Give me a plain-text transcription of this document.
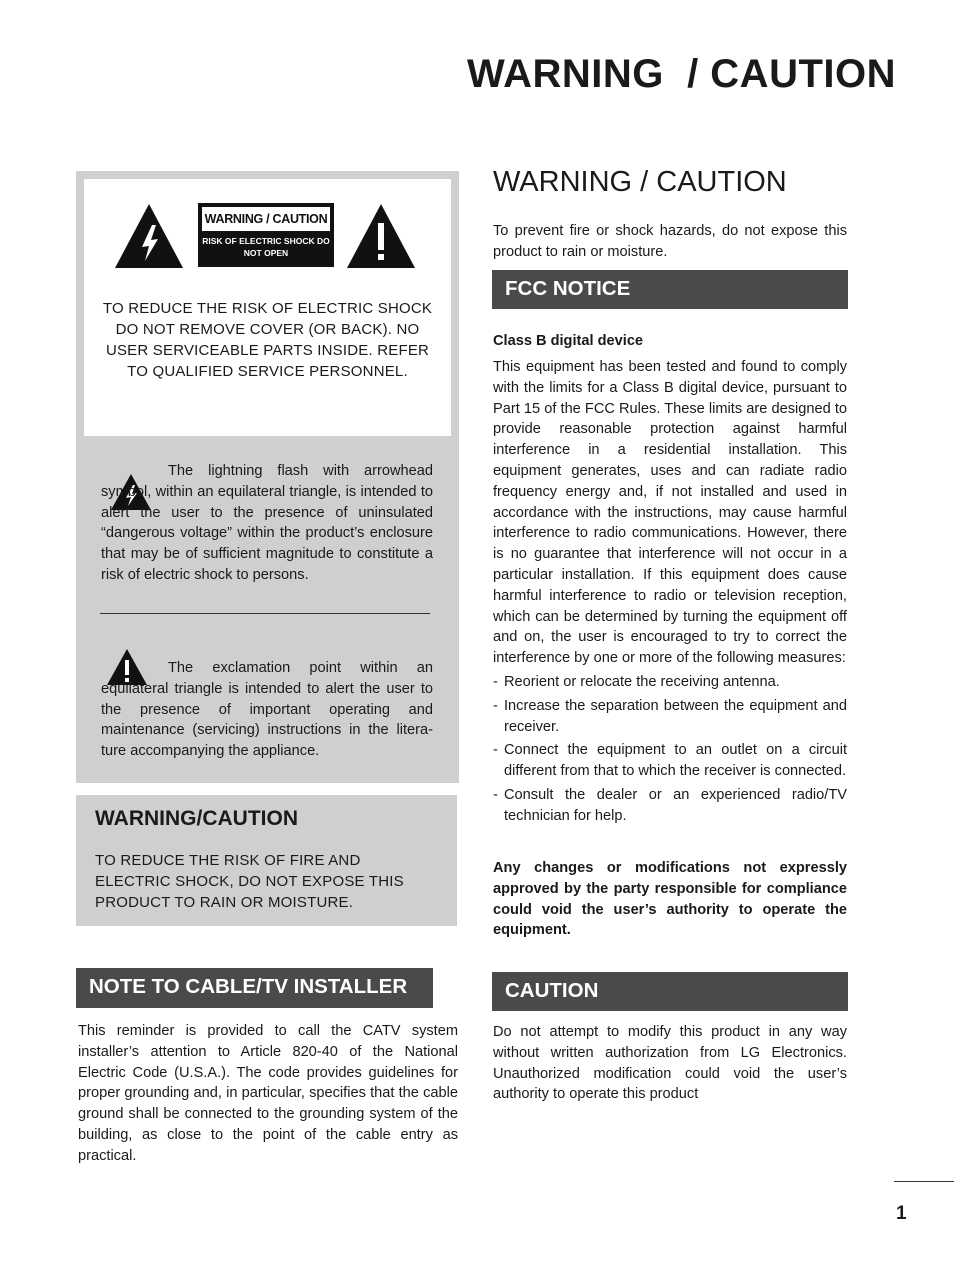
WARNING  / CAUTION
WARNING / CAUTION
RISK OF ELECTRIC SHOCK DO NOT OPEN
TO REDUCE THE RISK OF ELECTRIC SHOCK DO NOT REMOVE COVER (OR BACK). NO USER SERVICEABLE PARTS INSIDE. REFER TO QUALIFIED SERVICE PERSONNEL.

The lightning flash with arrowhead symbol, within an equilateral triangle, is intended to alert the user to the presence of uninsulated “dangerous voltage” within the product’s enclosure that may be of sufficient magnitude to constitute a risk of electric shock to persons.

The exclamation point within an equilateral triangle is intended to alert the user to the presence of important operating and maintenance (servicing) instructions in the litera- ture accompanying the appliance.

WARNING/CAUTION
TO REDUCE THE RISK OF FIRE AND ELECTRIC SHOCK, DO NOT EXPOSE THIS PRODUCT TO RAIN OR MOISTURE.
NOTE TO CABLE/TV INSTALLER

This reminder is provided to call the CATV system installer’s attention to Article 820-40 of the National Electric Code (U.S.A.). The code provides guidelines for proper grounding and, in particular, specifies that the cable ground shall be connected to the grounding system of the building, as close to the point of the cable entry as practical.

WARNING / CAUTION

To prevent fire or shock hazards, do not expose this product to rain or moisture.

FCC NOTICE
Class B digital device

This equipment has been tested and found to comply with the limits for a Class B digital device, pursuant to Part 15 of the FCC Rules. These limits are designed to provide reasonable protection against harmful interference in a residential installation. This equipment generates, uses and can radiate radio frequency energy and, if not installed and used in accordance with the instructions, may cause harmful interference to radio communications. However, there is no guarantee that interference will not occur in a particular installation. If this equipment does cause harmful interference to radio or television reception, which can be determined by turning the equipment off and on, the user is encouraged to try to correct the interference by one or more of the following measures:

- Reorient or relocate the receiving antenna.
- Increase the separation between the equipment and receiver.
- Connect the equipment to an outlet on a circuit different from that to which the receiver is connected.
- Consult the dealer or an experienced radio/TV technician for help.

Any changes or modifications not expressly approved by the party responsible for compliance could void the user’s authority to operate the equipment.

CAUTION

Do not attempt to modify this product in any way without written authorization from LG Electronics. Unauthorized modification could void the user’s authority to operate this product

1
